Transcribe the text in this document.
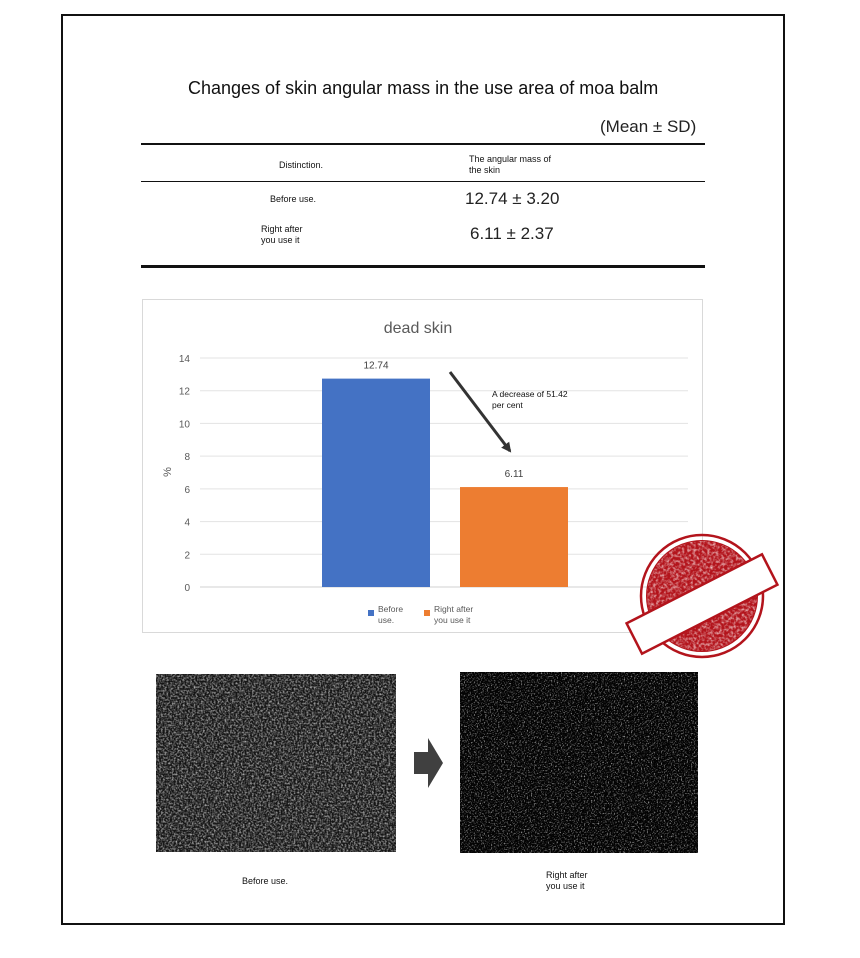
Changes of skin angular mass in the use area of moa balm
(Mean ± SD)
Distinction.
The angular mass of the skin
Before use.	12.74 ± 3.20
Right after you use it	6.11 ± 2.37
dead skin
0
2
4
6
8
10
12
14
%
12.74
6.11
A decrease of 51.42 per cent
Before use.
Right after you use it
Before use.
Right after you use it
